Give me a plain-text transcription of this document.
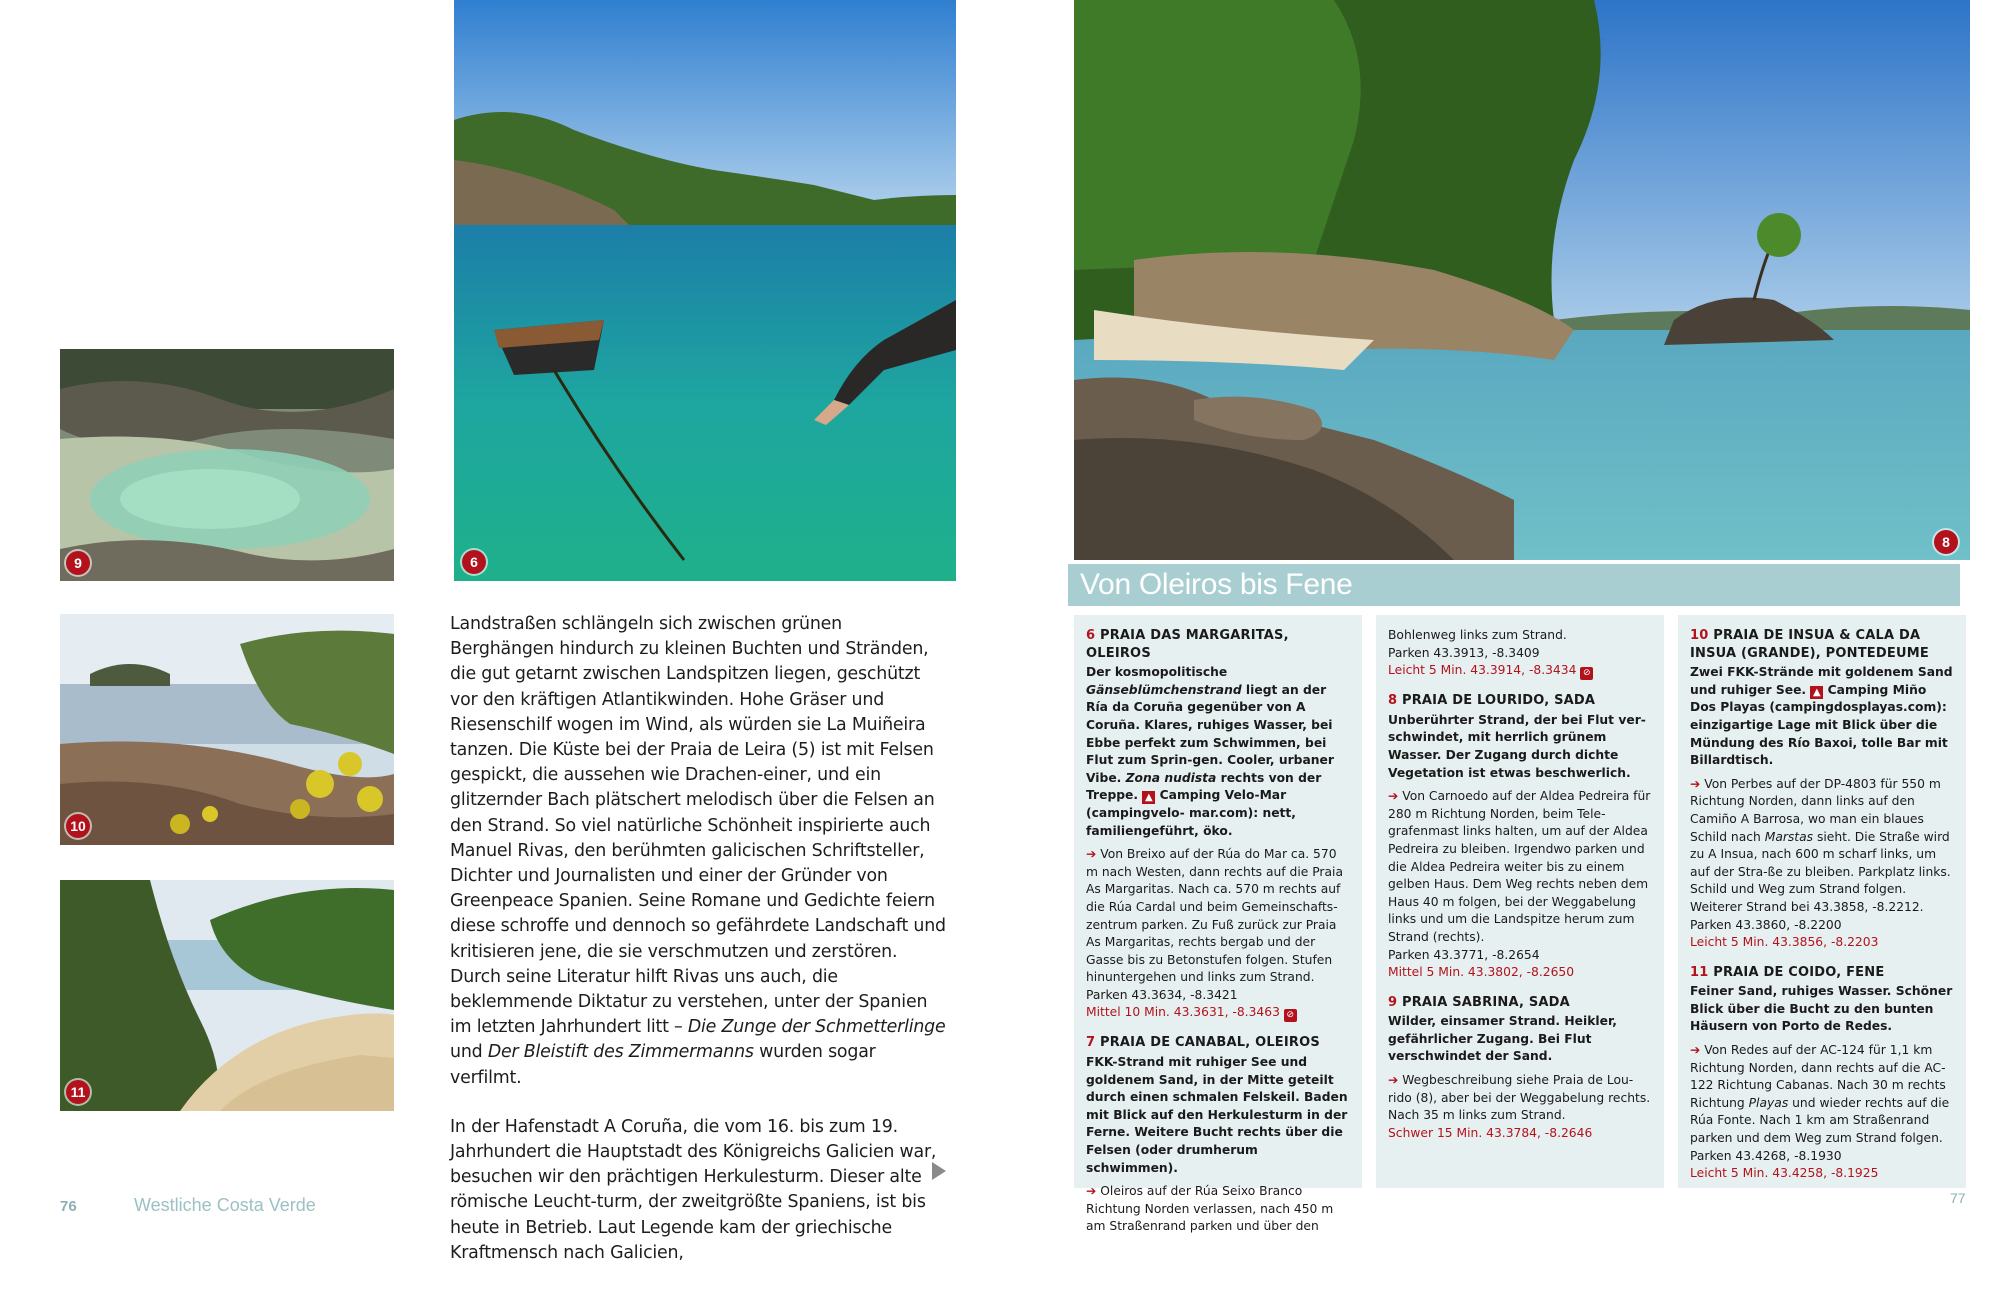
9
10
11
6

Landstraßen schlängeln sich zwischen grünen Berghängen hindurch zu kleinen Buchten und Stränden, die gut getarnt zwischen Landspitzen liegen, geschützt vor den kräftigen Atlantikwinden. Hohe Gräser und Riesenschilf wogen im Wind, als würden sie La Muiñeira tanzen. Die Küste bei der Praia de Leira (5) ist mit Felsen gespickt, die aussehen wie Drachen-einer, und ein glitzernder Bach plätschert melodisch über die Felsen an den Strand. So viel natürliche Schönheit inspirierte auch Manuel Rivas, den berühmten galicischen Schriftsteller, Dichter und Journalisten und einer der Gründer von Greenpeace Spanien. Seine Romane und Gedichte feiern diese schroffe und dennoch so gefährdete Landschaft und kritisieren jene, die sie verschmutzen und zerstören. Durch seine Literatur hilft Rivas uns auch, die beklemmende Diktatur zu verstehen, unter der Spanien im letzten Jahrhundert litt – Die Zunge der Schmetterlinge und Der Bleistift des Zimmermanns wurden sogar verfilmt.

In der Hafenstadt A Coruña, die vom 16. bis zum 19. Jahrhundert die Hauptstadt des Königreichs Galicien war, besuchen wir den prächtigen Herkulesturm. Dieser alte römische Leucht-turm, der zweitgrößte Spaniens, ist bis heute in Betrieb. Laut Legende kam der griechische Kraftmensch nach Galicien,

76	Westliche Costa Verde
8
Von Oleiros bis Fene
6 PRAIA DAS MARGARITAS, OLEIROS
Der kosmopolitische Gänseblümchenstrand liegt an der Ría da Coruña gegenüber von A Coruña. Klares, ruhiges Wasser, bei Ebbe perfekt zum Schwimmen, bei Flut zum Sprin-gen. Cooler, urbaner Vibe. Zona nudista rechts von der Treppe. ▲ Camping Velo-Mar (campingvelo- mar.com): nett, familiengeführt, öko.
➔ Von Breixo auf der Rúa do Mar ca. 570 m nach Westen, dann rechts auf die Praia As Margaritas. Nach ca. 570 m rechts auf die Rúa Cardal und beim Gemeinschafts-zentrum parken. Zu Fuß zurück zur Praia As Margaritas, rechts bergab und der Gasse bis zu Betonstufen folgen. Stufen hinuntergehen und links zum Strand.
Parken 43.3634, -8.3421
Mittel 10 Min. 43.3631, -8.3463 ⊘
7 PRAIA DE CANABAL, OLEIROS
FKK-Strand mit ruhiger See und goldenem Sand, in der Mitte geteilt durch einen schmalen Felskeil. Baden mit Blick auf den Herkulesturm in der Ferne. Weitere Bucht rechts über die Felsen (oder drumherum schwimmen).
➔ Oleiros auf der Rúa Seixo Branco Richtung Norden verlassen, nach 450 m am Straßenrand parken und über den
Bohlenweg links zum Strand.
Parken 43.3913, -8.3409
Leicht 5 Min. 43.3914, -8.3434 ⊘
8 PRAIA DE LOURIDO, SADA
Unberührter Strand, der bei Flut ver-schwindet, mit herrlich grünem Wasser. Der Zugang durch dichte Vegetation ist etwas beschwerlich.
➔ Von Carnoedo auf der Aldea Pedreira für 280 m Richtung Norden, beim Tele-grafenmast links halten, um auf der Aldea Pedreira zu bleiben. Irgendwo parken und die Aldea Pedreira weiter bis zu einem gelben Haus. Dem Weg rechts neben dem Haus 40 m folgen, bei der Weggabelung links und um die Landspitze herum zum Strand (rechts).
Parken 43.3771, -8.2654
Mittel 5 Min. 43.3802, -8.2650
9 PRAIA SABRINA, SADA
Wilder, einsamer Strand. Heikler, gefährlicher Zugang. Bei Flut verschwindet der Sand.
➔ Wegbeschreibung siehe Praia de Lou-rido (8), aber bei der Weggabelung rechts. Nach 35 m links zum Strand.
Schwer 15 Min. 43.3784, -8.2646
10 PRAIA DE INSUA & CALA DA INSUA (GRANDE), PONTEDEUME
Zwei FKK-Strände mit goldenem Sand und ruhiger See. ▲ Camping Miño Dos Playas (campingdosplayas.com): einzigartige Lage mit Blick über die Mündung des Río Baxoi, tolle Bar mit Billardtisch.
➔ Von Perbes auf der DP-4803 für 550 m Richtung Norden, dann links auf den Camiño A Barrosa, wo man ein blaues Schild nach Marstas sieht. Die Straße wird zu A Insua, nach 600 m scharf links, um auf der Stra-ße zu bleiben. Parkplatz links. Schild und Weg zum Strand folgen. Weiterer Strand bei 43.3858, -8.2212.
Parken 43.3860, -8.2200
Leicht 5 Min. 43.3856, -8.2203
11 PRAIA DE COIDO, FENE
Feiner Sand, ruhiges Wasser. Schöner Blick über die Bucht zu den bunten Häusern von Porto de Redes.
➔ Von Redes auf der AC-124 für 1,1 km Richtung Norden, dann rechts auf die AC-122 Richtung Cabanas. Nach 30 m rechts Richtung Playas und wieder rechts auf die Rúa Fonte. Nach 1 km am Straßenrand parken und dem Weg zum Strand folgen.
Parken 43.4268, -8.1930
Leicht 5 Min. 43.4258, -8.1925
77
